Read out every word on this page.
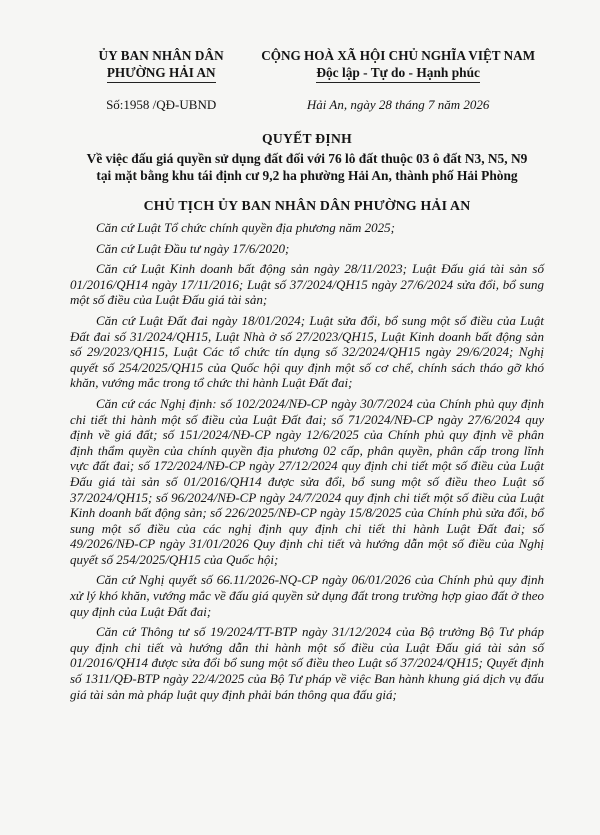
ỦY BAN NHÂN DÂN
PHƯỜNG HẢI AN
CỘNG HOÀ XÃ HỘI CHỦ NGHĨA VIỆT NAM
Độc lập - Tự do - Hạnh phúc
Số:1958 /QĐ-UBND	Hải An, ngày 28 tháng 7 năm 2026
QUYẾT ĐỊNH
Về việc đấu giá quyền sử dụng đất đối với 76 lô đất thuộc 03 ô đất N3, N5, N9
tại mặt bằng khu tái định cư 9,2 ha phường Hải An, thành phố Hải Phòng
CHỦ TỊCH ỦY BAN NHÂN DÂN PHƯỜNG HẢI AN

Căn cứ Luật Tổ chức chính quyền địa phương năm 2025;

Căn cứ Luật Đầu tư ngày 17/6/2020;

Căn cứ Luật Kinh doanh bất động sản ngày 28/11/2023; Luật Đấu giá tài sản số 01/2016/QH14 ngày 17/11/2016; Luật số 37/2024/QH15 ngày 27/6/2024 sửa đổi, bổ sung một số điều của Luật Đấu giá tài sản;

Căn cứ Luật Đất đai ngày 18/01/2024; Luật sửa đổi, bổ sung một số điều của Luật Đất đai số 31/2024/QH15, Luật Nhà ở số 27/2023/QH15, Luật Kinh doanh bất động sản số 29/2023/QH15, Luật Các tổ chức tín dụng số 32/2024/QH15 ngày 29/6/2024; Nghị quyết số 254/2025/QH15 của Quốc hội quy định một số cơ chế, chính sách tháo gỡ khó khăn, vướng mắc trong tổ chức thi hành Luật Đất đai;

Căn cứ các Nghị định: số 102/2024/NĐ-CP ngày 30/7/2024 của Chính phủ quy định chi tiết thi hành một số điều của Luật Đất đai; số 71/2024/NĐ-CP ngày 27/6/2024 quy định về giá đất; số 151/2024/NĐ-CP ngày 12/6/2025 của Chính phủ quy định về phân định thẩm quyền của chính quyền địa phương 02 cấp, phân quyền, phân cấp trong lĩnh vực đất đai; số 172/2024/NĐ-CP ngày 27/12/2024 quy định chi tiết một số điều của Luật Đấu giá tài sản số 01/2016/QH14 được sửa đổi, bổ sung một số điều theo Luật số 37/2024/QH15; số 96/2024/NĐ-CP ngày 24/7/2024 quy định chi tiết một số điều của Luật Kinh doanh bất động sản; số 226/2025/NĐ-CP ngày 15/8/2025 của Chính phủ sửa đổi, bổ sung một số điều của các nghị định quy định chi tiết thi hành Luật Đất đai; số 49/2026/NĐ-CP ngày 31/01/2026 Quy định chi tiết và hướng dẫn một số điều của Nghị quyết số 254/2025/QH15 của Quốc hội;

Căn cứ Nghị quyết số 66.11/2026-NQ-CP ngày 06/01/2026 của Chính phủ quy định xử lý khó khăn, vướng mắc về đấu giá quyền sử dụng đất trong trường hợp giao đất ở theo quy định của Luật Đất đai;

Căn cứ Thông tư số 19/2024/TT-BTP ngày 31/12/2024 của Bộ trưởng Bộ Tư pháp quy định chi tiết và hướng dẫn thi hành một số điều của Luật Đấu giá tài sản số 01/2016/QH14 được sửa đổi bổ sung một số điều theo Luật số 37/2024/QH15; Quyết định số 1311/QĐ-BTP ngày 22/4/2025 của Bộ Tư pháp về việc Ban hành khung giá dịch vụ đấu giá tài sản mà pháp luật quy định phải bán thông qua đấu giá;
